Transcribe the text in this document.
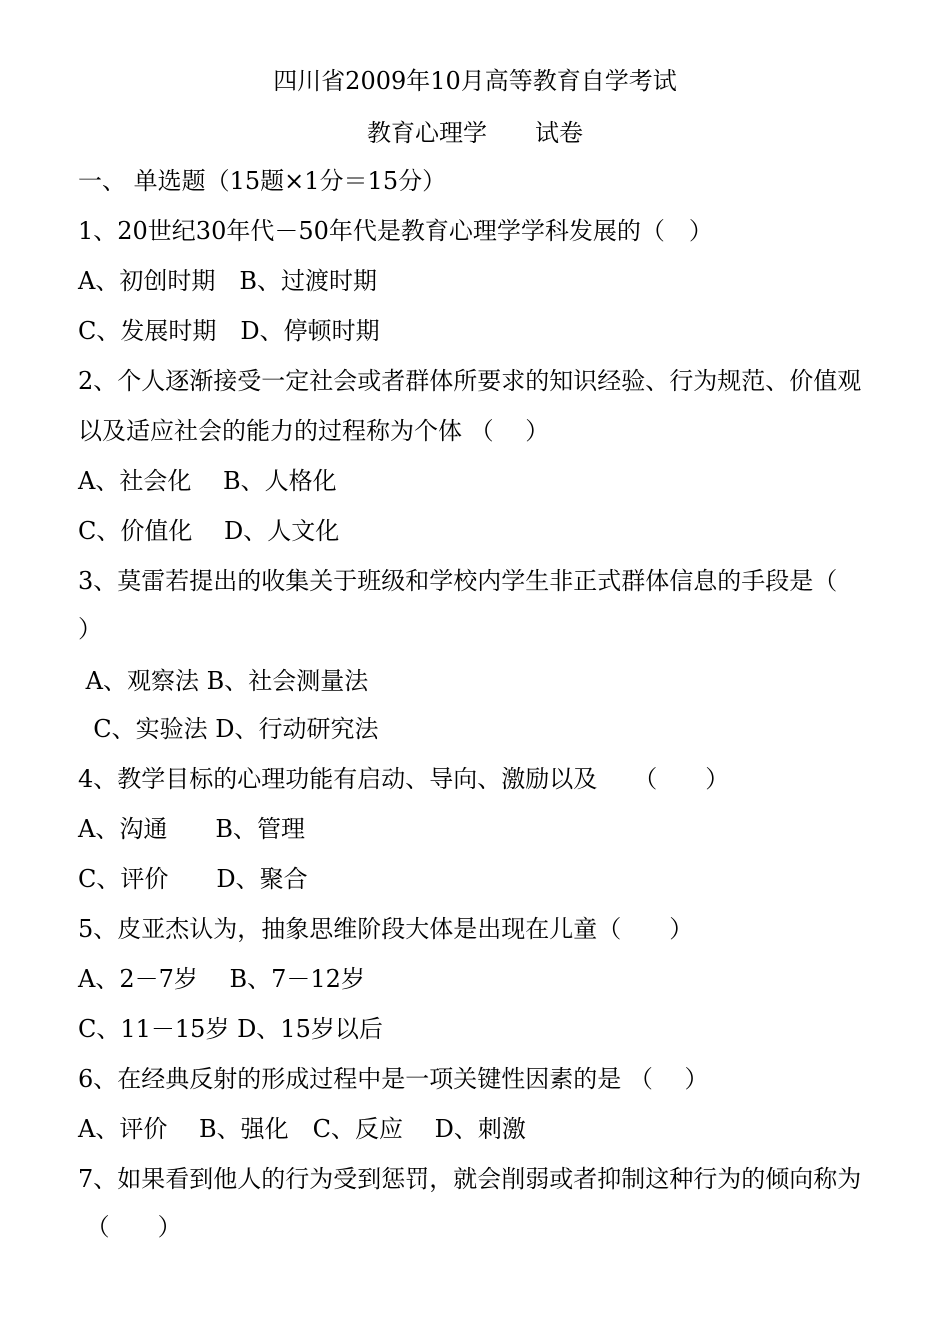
四川省2009年10月高等教育自学考试
教育心理学　　试卷
一、 单选题（15题×1分＝15分）
1、20世纪30年代－50年代是教育心理学学科发展的（　）
A、初创时期　B、过渡时期
C、发展时期　D、停顿时期
2、个人逐渐接受一定社会或者群体所要求的知识经验、行为规范、价值观
以及适应社会的能力的过程称为个体 （　 ）
A、社会化 　B、人格化
C、价值化 　D、人文化
3、莫雷若提出的收集关于班级和学校内学生非正式群体信息的手段是（
）
A、观察法 B、社会测量法
C、实验法 D、行动研究法
4、教学目标的心理功能有启动、导向、激励以及　　（　　）
A、沟通　　B、管理
C、评价　　D、聚合
5、皮亚杰认为，抽象思维阶段大体是出现在儿童（　　）
A、2－7岁　 B、7－12岁
C、11－15岁 D、15岁以后
6、在经典反射的形成过程中是一项关键性因素的是 （　 ）
A、评价　 B、强化　C、反应　 D、刺激
7、如果看到他人的行为受到惩罚，就会削弱或者抑制这种行为的倾向称为
（　　）
